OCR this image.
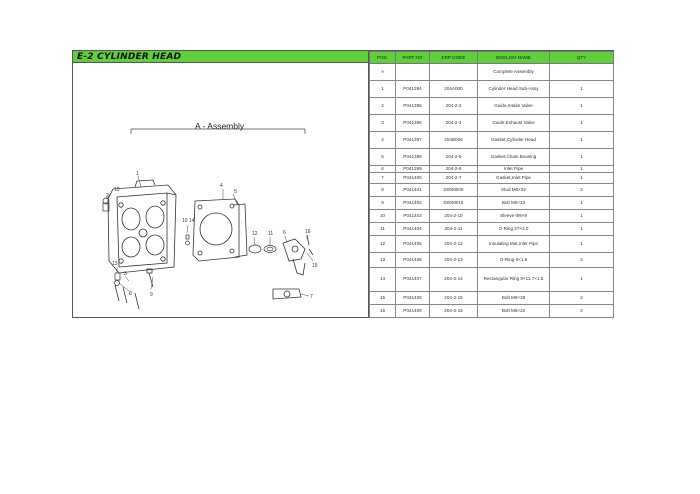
E-2 CYLINDER HEAD
A - Assembly
1
2
13
4
5
10 14
12 11 6	16
15
7
9
13
3
8
POS.	PART NO	ERP CODE	ENGLISH NAME	QTY
A			Complete Assembly	
1	P041394	204A000	Cylinder Head Sub-Assy	1
2	P041395	204-2-2	Guide,Intake Valve	1
3	P041396	204-2-3	Guide,Exhaust Valve	1
4	P041397	204B006	Gasket,Cylinder Head	1
5	P041398	204-2-5	Gasket,Chain Bousing	1
6	P041399	204-2-6	Inlet Pipe	1
7	P041400	204-2-7	Gasket,Inlet Pipe	1
8	P041401	D00M009	Stud M6×32	2
9	P041402	D00M015	Bolt M6×23	1
10	P041403	204-2-10	Sleeve Φ8×9	1
11	P041404	204-2-11	O-Ring 27×2.0	1
12	P041405	204-2-12	Insulating Mat,Inlet Pipe	1
13	P041406	204-2-13	O-Ring 9×1.6	2
14	P041407	204-2-14	Rectangular Ring 9×11.7×1.5	1
15	P041408	204-2-15	Bolt M6×28	2
16	P041409	204-2-16	Bolt M6×22	2
